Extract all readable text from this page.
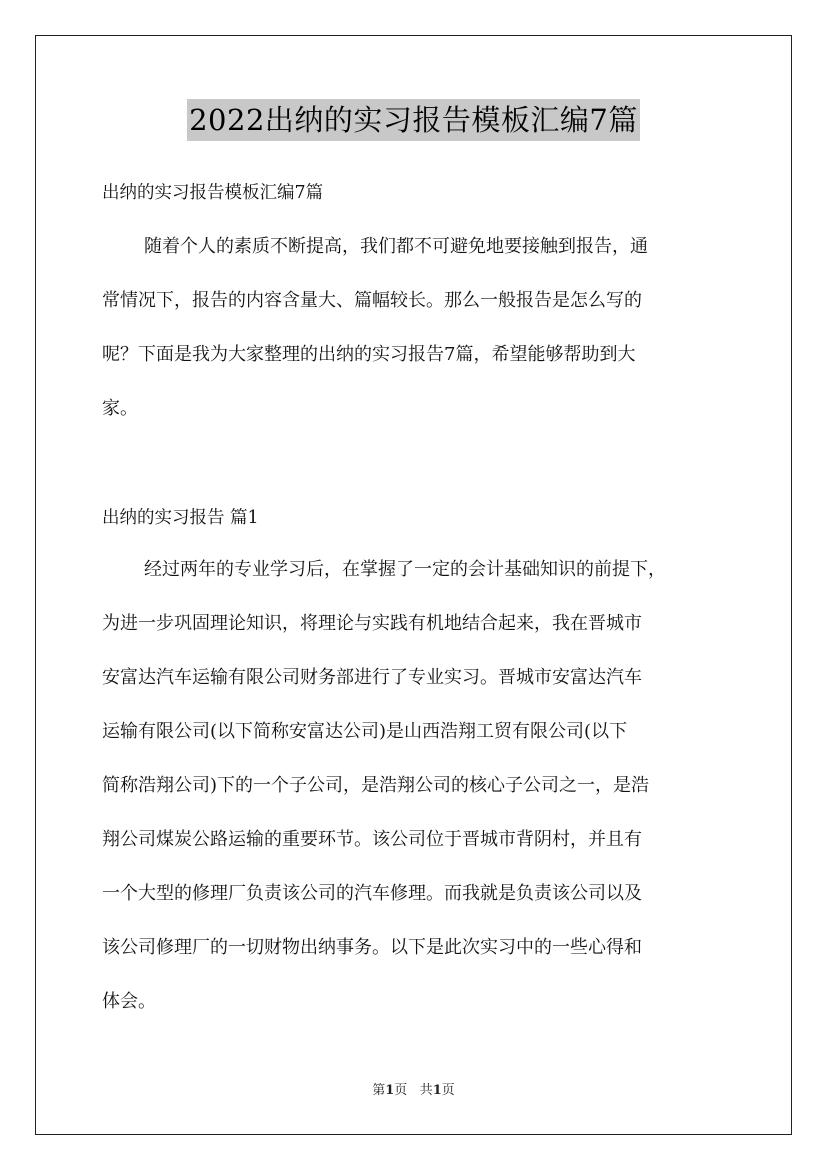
2022出纳的实习报告模板汇编7篇
出纳的实习报告模板汇编7篇
随着个人的素质不断提高，我们都不可避免地要接触到报告，通
常情况下，报告的内容含量大、篇幅较长。那么一般报告是怎么写的
呢？下面是我为大家整理的出纳的实习报告7篇，希望能够帮助到大
家。
出纳的实习报告 篇1
经过两年的专业学习后，在掌握了一定的会计基础知识的前提下，
为进一步巩固理论知识，将理论与实践有机地结合起来，我在晋城市
安富达汽车运输有限公司财务部进行了专业实习。晋城市安富达汽车
运输有限公司(以下简称安富达公司)是山西浩翔工贸有限公司(以下
简称浩翔公司)下的一个子公司，是浩翔公司的核心子公司之一，是浩
翔公司煤炭公路运输的重要环节。该公司位于晋城市背阴村，并且有
一个大型的修理厂负责该公司的汽车修理。而我就是负责该公司以及
该公司修理厂的一切财物出纳事务。以下是此次实习中的一些心得和
体会。
第1页 共1页
